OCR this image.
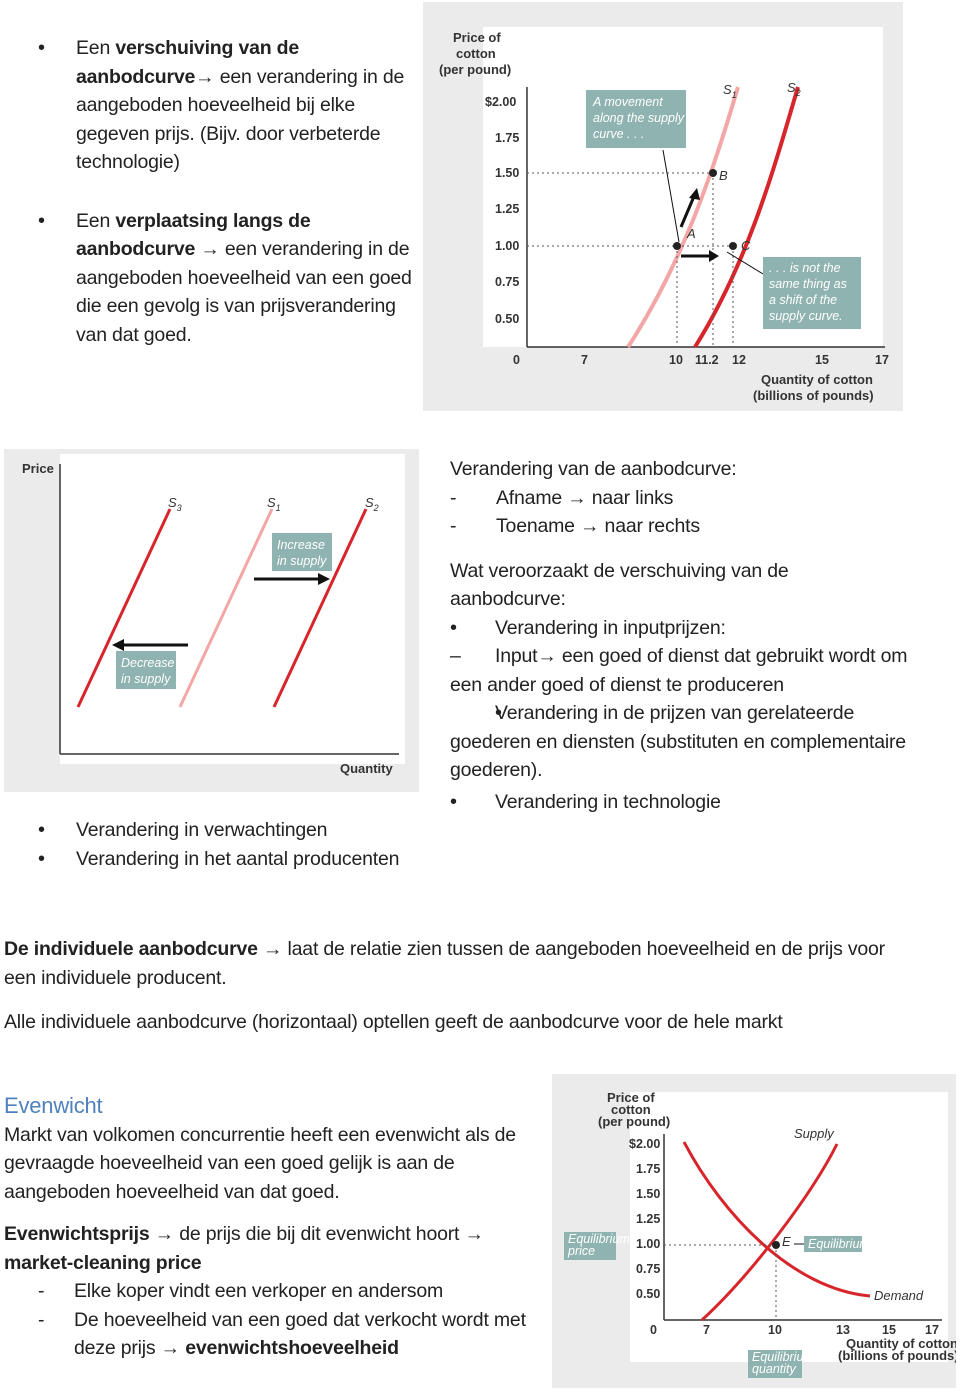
• Een verschuiving van de aanbodcurve→ een verandering in de aangeboden hoeveelheid bij elke gegeven prijs. (Bijv. door verbeterde technologie)

• Een verplaatsing langs de aanbodcurve → een verandering in de aangeboden hoeveelheid van een goed die een gevolg is van prijsverandering van dat goed.

Price of
cotton
(per pound)
$2.00
1.75
1.50
1.25
1.00
0.75
0.50
0	7	10 11.2 12	15	17
Quantity of cotton
(billions of pounds)
$S_1$	$S_2$
A
B
C
A movement
along the supply
curve . . .
. . . is not the
same thing as
a shift of the
supply curve.
Price
Quantity
$S_3$	$S_1$	$S_2$
Increase
in supply
Decrease
in supply

Verandering van de aanbodcurve:

- Afname → naar links

- Toename → naar rechts

Wat veroorzaakt de verschuiving van de aanbodcurve:

• Verandering in inputprijzen:

– Input→ een goed of dienst dat gebruikt wordt om een ander goed of dienst te produceren

• Verandering in de prijzen van gerelateerde goederen en diensten (substituten en complementaire goederen).

• Verandering in technologie

• Verandering in verwachtingen

• Verandering in het aantal producenten

De individuele aanbodcurve → laat de relatie zien tussen de aangeboden hoeveelheid en de prijs voor een individuele producent.

Alle individuele aanbodcurve (horizontaal) optellen geeft de aanbodcurve voor de hele markt

Evenwicht

Markt van volkomen concurrentie heeft een evenwicht als de gevraagde hoeveelheid van een goed gelijk is aan de aangeboden hoeveelheid van dat goed.

Evenwichtsprijs → de prijs die bij dit evenwicht hoort →
market-cleaning price

- Elke koper vindt een verkoper en andersom

- De hoeveelheid van een goed dat verkocht wordt met deze prijs → evenwichtshoeveelheid

Price of
cotton
(per pound)
$2.00
1.75
1.50
1.25
1.00
0.75
0.50
0	7	10	13	15 17
Quantity of cotton
(billions of pounds)
Supply
Demand
E Equilibrium
Equilibrium
price
Equilibrium
quantity
